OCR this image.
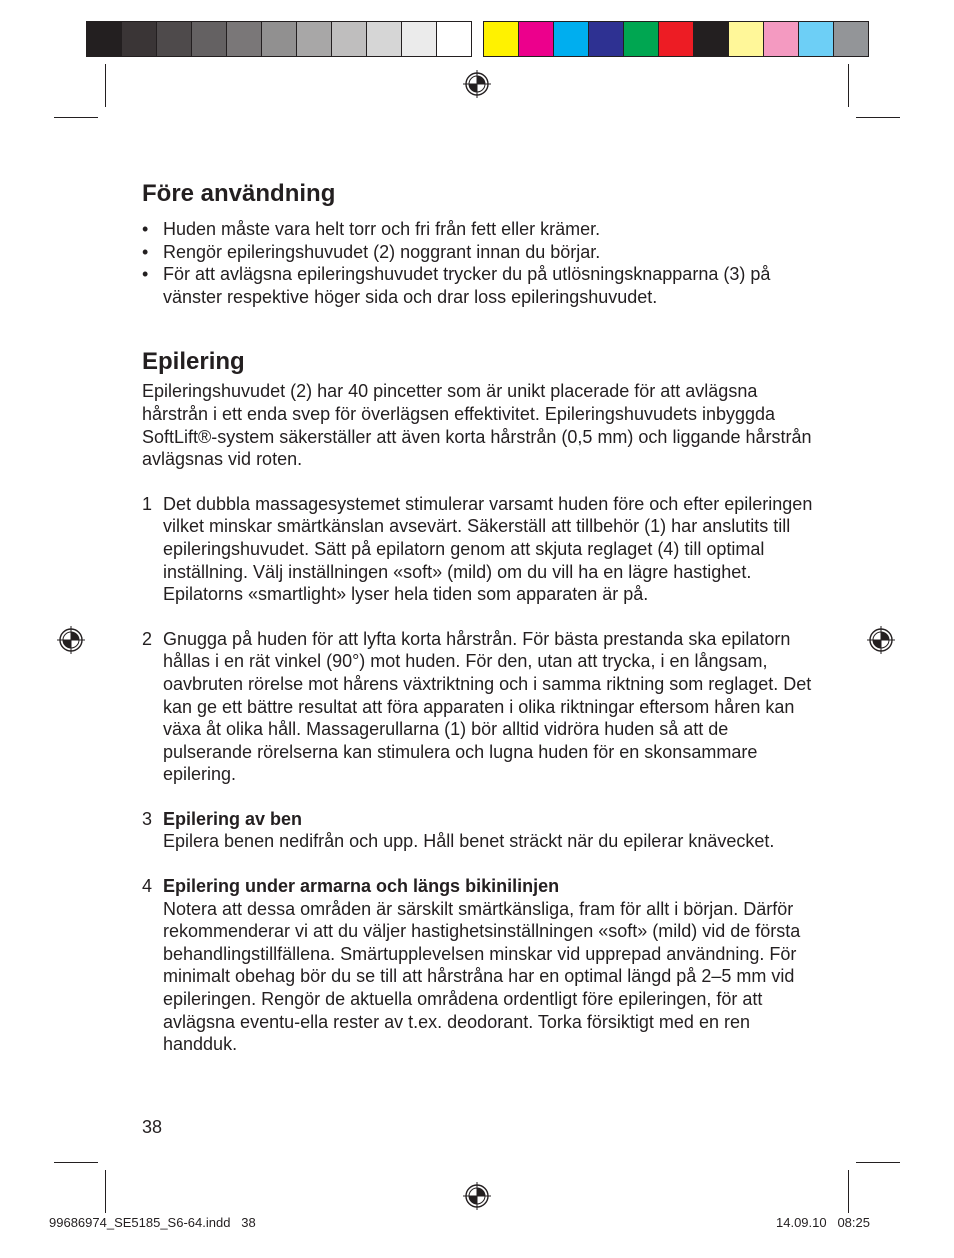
Före användning
• Huden måste vara helt torr och fri från fett eller krämer.
• Rengör epileringshuvudet (2) noggrant innan du börjar.
• För att avlägsna epileringshuvudet trycker du på utlösningsknapparna (3) på vänster respektive höger sida och drar loss epileringshuvudet.
Epilering

Epileringshuvudet (2) har 40 pincetter som är unikt placerade för att avlägsna hårstrån i ett enda svep för överlägsen effektivitet. Epileringshuvudets inbyggda SoftLift®-system säkerställer att även korta hårstrån (0,5 mm) och liggande hårstrån avlägsnas vid roten.

1 Det dubbla massagesystemet stimulerar varsamt huden före och efter epileringen vilket minskar smärtkänslan avsevärt. Säkerställ att tillbehör (1) har anslutits till epileringshuvudet. Sätt på epilatorn genom att skjuta reglaget (4) till optimal inställning. Välj inställningen «soft» (mild) om du vill ha en lägre hastighet. Epilatorns «smartlight» lyser hela tiden som apparaten är på.
2 Gnugga på huden för att lyfta korta hårstrån. För bästa prestanda ska epilatorn hållas i en rät vinkel (90°) mot huden. För den, utan att trycka, i en långsam, oavbruten rörelse mot hårens växtriktning och i samma riktning som reglaget. Det kan ge ett bättre resultat att föra apparaten i olika riktningar eftersom håren kan växa åt olika håll. Massagerullarna (1) bör alltid vidröra huden så att de pulserande rörelserna kan stimulera och lugna huden för en skonsammare epilering.
3 Epilering av ben
Epilera benen nedifrån och upp. Håll benet sträckt när du epilerar knävecket.
4 Epilering under armarna och längs bikinilinjen
Notera att dessa områden är särskilt smärtkänsliga, fram för allt i början. Därför rekommenderar vi att du väljer hastighetsinställningen «soft» (mild) vid de första behandlingstillfällena. Smärtupplevelsen minskar vid upprepad användning. För minimalt obehag bör du se till att hårstråna har en optimal längd på 2–5 mm vid epileringen. Rengör de aktuella områdena ordentligt före epileringen, för att avlägsna eventu-ella rester av t.ex. deodorant. Torka försiktigt med en ren handduk.
38
99686974_SE5185_S6-64.indd   38	14.09.10   08:25
